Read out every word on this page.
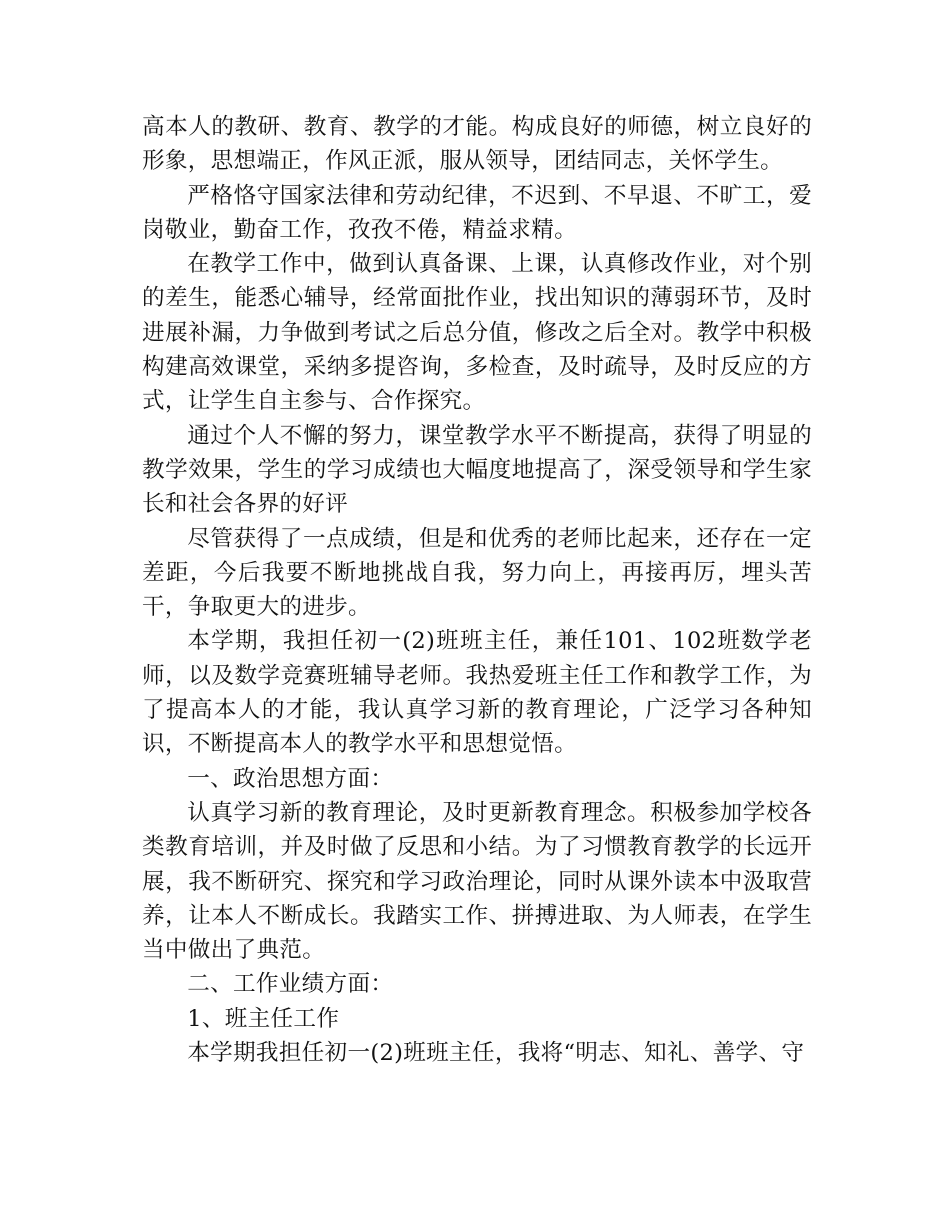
高本人的教研、教育、教学的才能。构成良好的师德，树立良好的形象，思想端正，作风正派，服从领导，团结同志，关怀学生。

严格恪守国家法律和劳动纪律，不迟到、不早退、不旷工，爱岗敬业，勤奋工作，孜孜不倦，精益求精。

在教学工作中，做到认真备课、上课，认真修改作业，对个别的差生，能悉心辅导，经常面批作业，找出知识的薄弱环节，及时进展补漏，力争做到考试之后总分值，修改之后全对。教学中积极构建高效课堂，采纳多提咨询，多检查，及时疏导，及时反应的方式，让学生自主参与、合作探究。

通过个人不懈的努力，课堂教学水平不断提高，获得了明显的教学效果，学生的学习成绩也大幅度地提高了，深受领导和学生家长和社会各界的好评

尽管获得了一点成绩，但是和优秀的老师比起来，还存在一定差距，今后我要不断地挑战自我，努力向上，再接再厉，埋头苦干，争取更大的进步。

本学期，我担任初一(2)班班主任，兼任101、102班数学老师，以及数学竞赛班辅导老师。我热爱班主任工作和教学工作，为了提高本人的才能，我认真学习新的教育理论，广泛学习各种知识，不断提高本人的教学水平和思想觉悟。

一、政治思想方面：

认真学习新的教育理论，及时更新教育理念。积极参加学校各类教育培训，并及时做了反思和小结。为了习惯教育教学的长远开展，我不断研究、探究和学习政治理论，同时从课外读本中汲取营养，让本人不断成长。我踏实工作、拼搏进取、为人师表，在学生当中做出了典范。

二、工作业绩方面：

1、班主任工作

本学期我担任初一(2)班班主任，我将“明志、知礼、善学、守
